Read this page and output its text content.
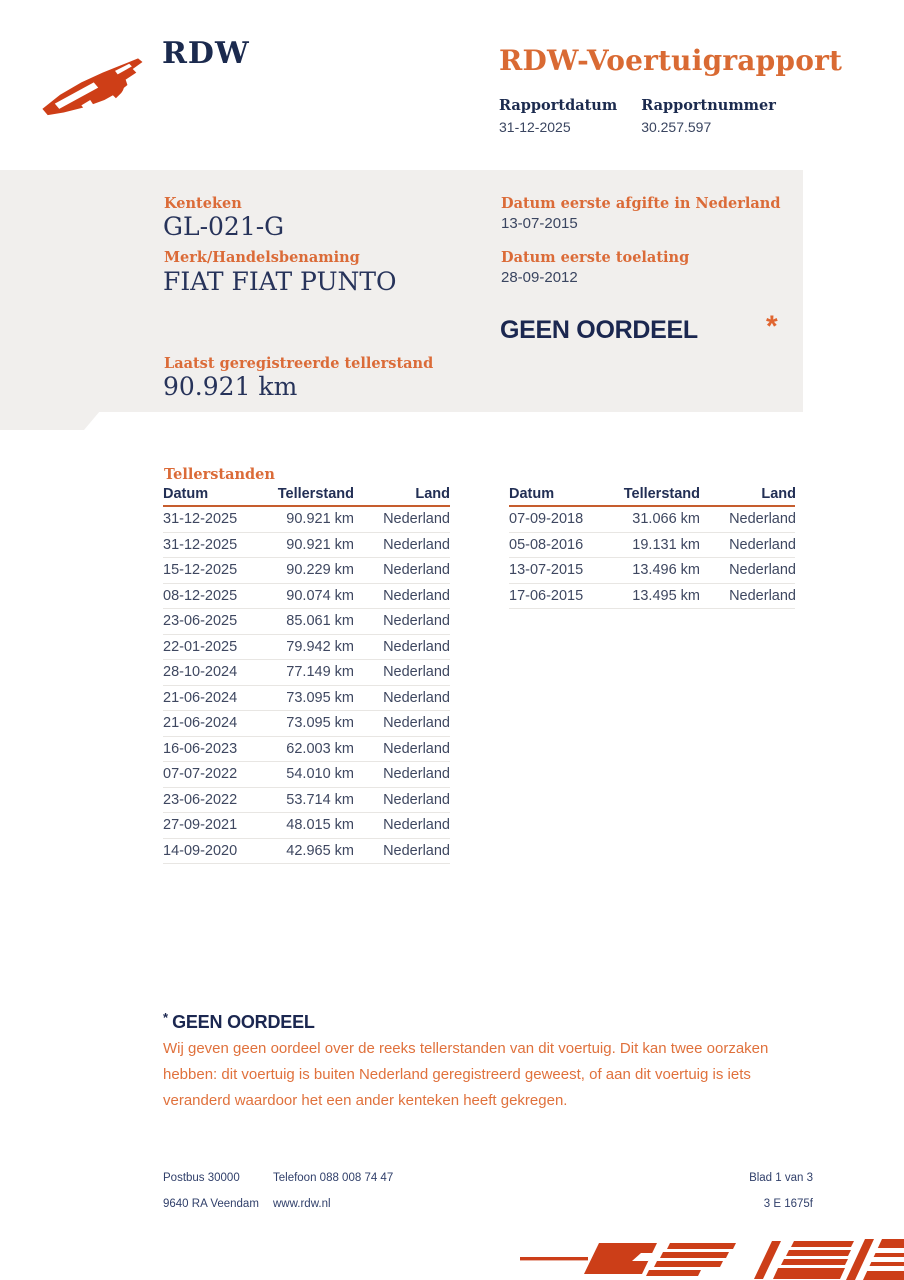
RDW	RDW-Voertuigrapport
Rapportdatum
31-12-2025
Rapportnummer
30.257.597
Kenteken
GL-021-G
Merk/Handelsbenaming
FIAT FIAT PUNTO
Laatst geregistreerde tellerstand
90.921 km
Datum eerste afgifte in Nederland
13-07-2015
Datum eerste toelating
28-09-2012
GEEN OORDEEL *
Tellerstanden
Datum	Tellerstand	Land
31-12-2025	90.921 km	Nederland
31-12-2025	90.921 km	Nederland
15-12-2025	90.229 km	Nederland
08-12-2025	90.074 km	Nederland
23-06-2025	85.061 km	Nederland
22-01-2025	79.942 km	Nederland
28-10-2024	77.149 km	Nederland
21-06-2024	73.095 km	Nederland
21-06-2024	73.095 km	Nederland
16-06-2023	62.003 km	Nederland
07-07-2022	54.010 km	Nederland
23-06-2022	53.714 km	Nederland
27-09-2021	48.015 km	Nederland
14-09-2020	42.965 km	Nederland
Datum	Tellerstand	Land
07-09-2018	31.066 km	Nederland
05-08-2016	19.131 km	Nederland
13-07-2015	13.496 km	Nederland
17-06-2015	13.495 km	Nederland
* GEEN OORDEEL

Wij geven geen oordeel over de reeks tellerstanden van dit voertuig. Dit kan twee oorzaken hebben: dit voertuig is buiten Nederland geregistreerd geweest, of aan dit voertuig is iets veranderd waardoor het een ander kenteken heeft gekregen.

Postbus 30000	Telefoon 088 008 74 47	Blad 1 van 3
9640 RA Veendam www.rdw.nl	3 E 1675f
